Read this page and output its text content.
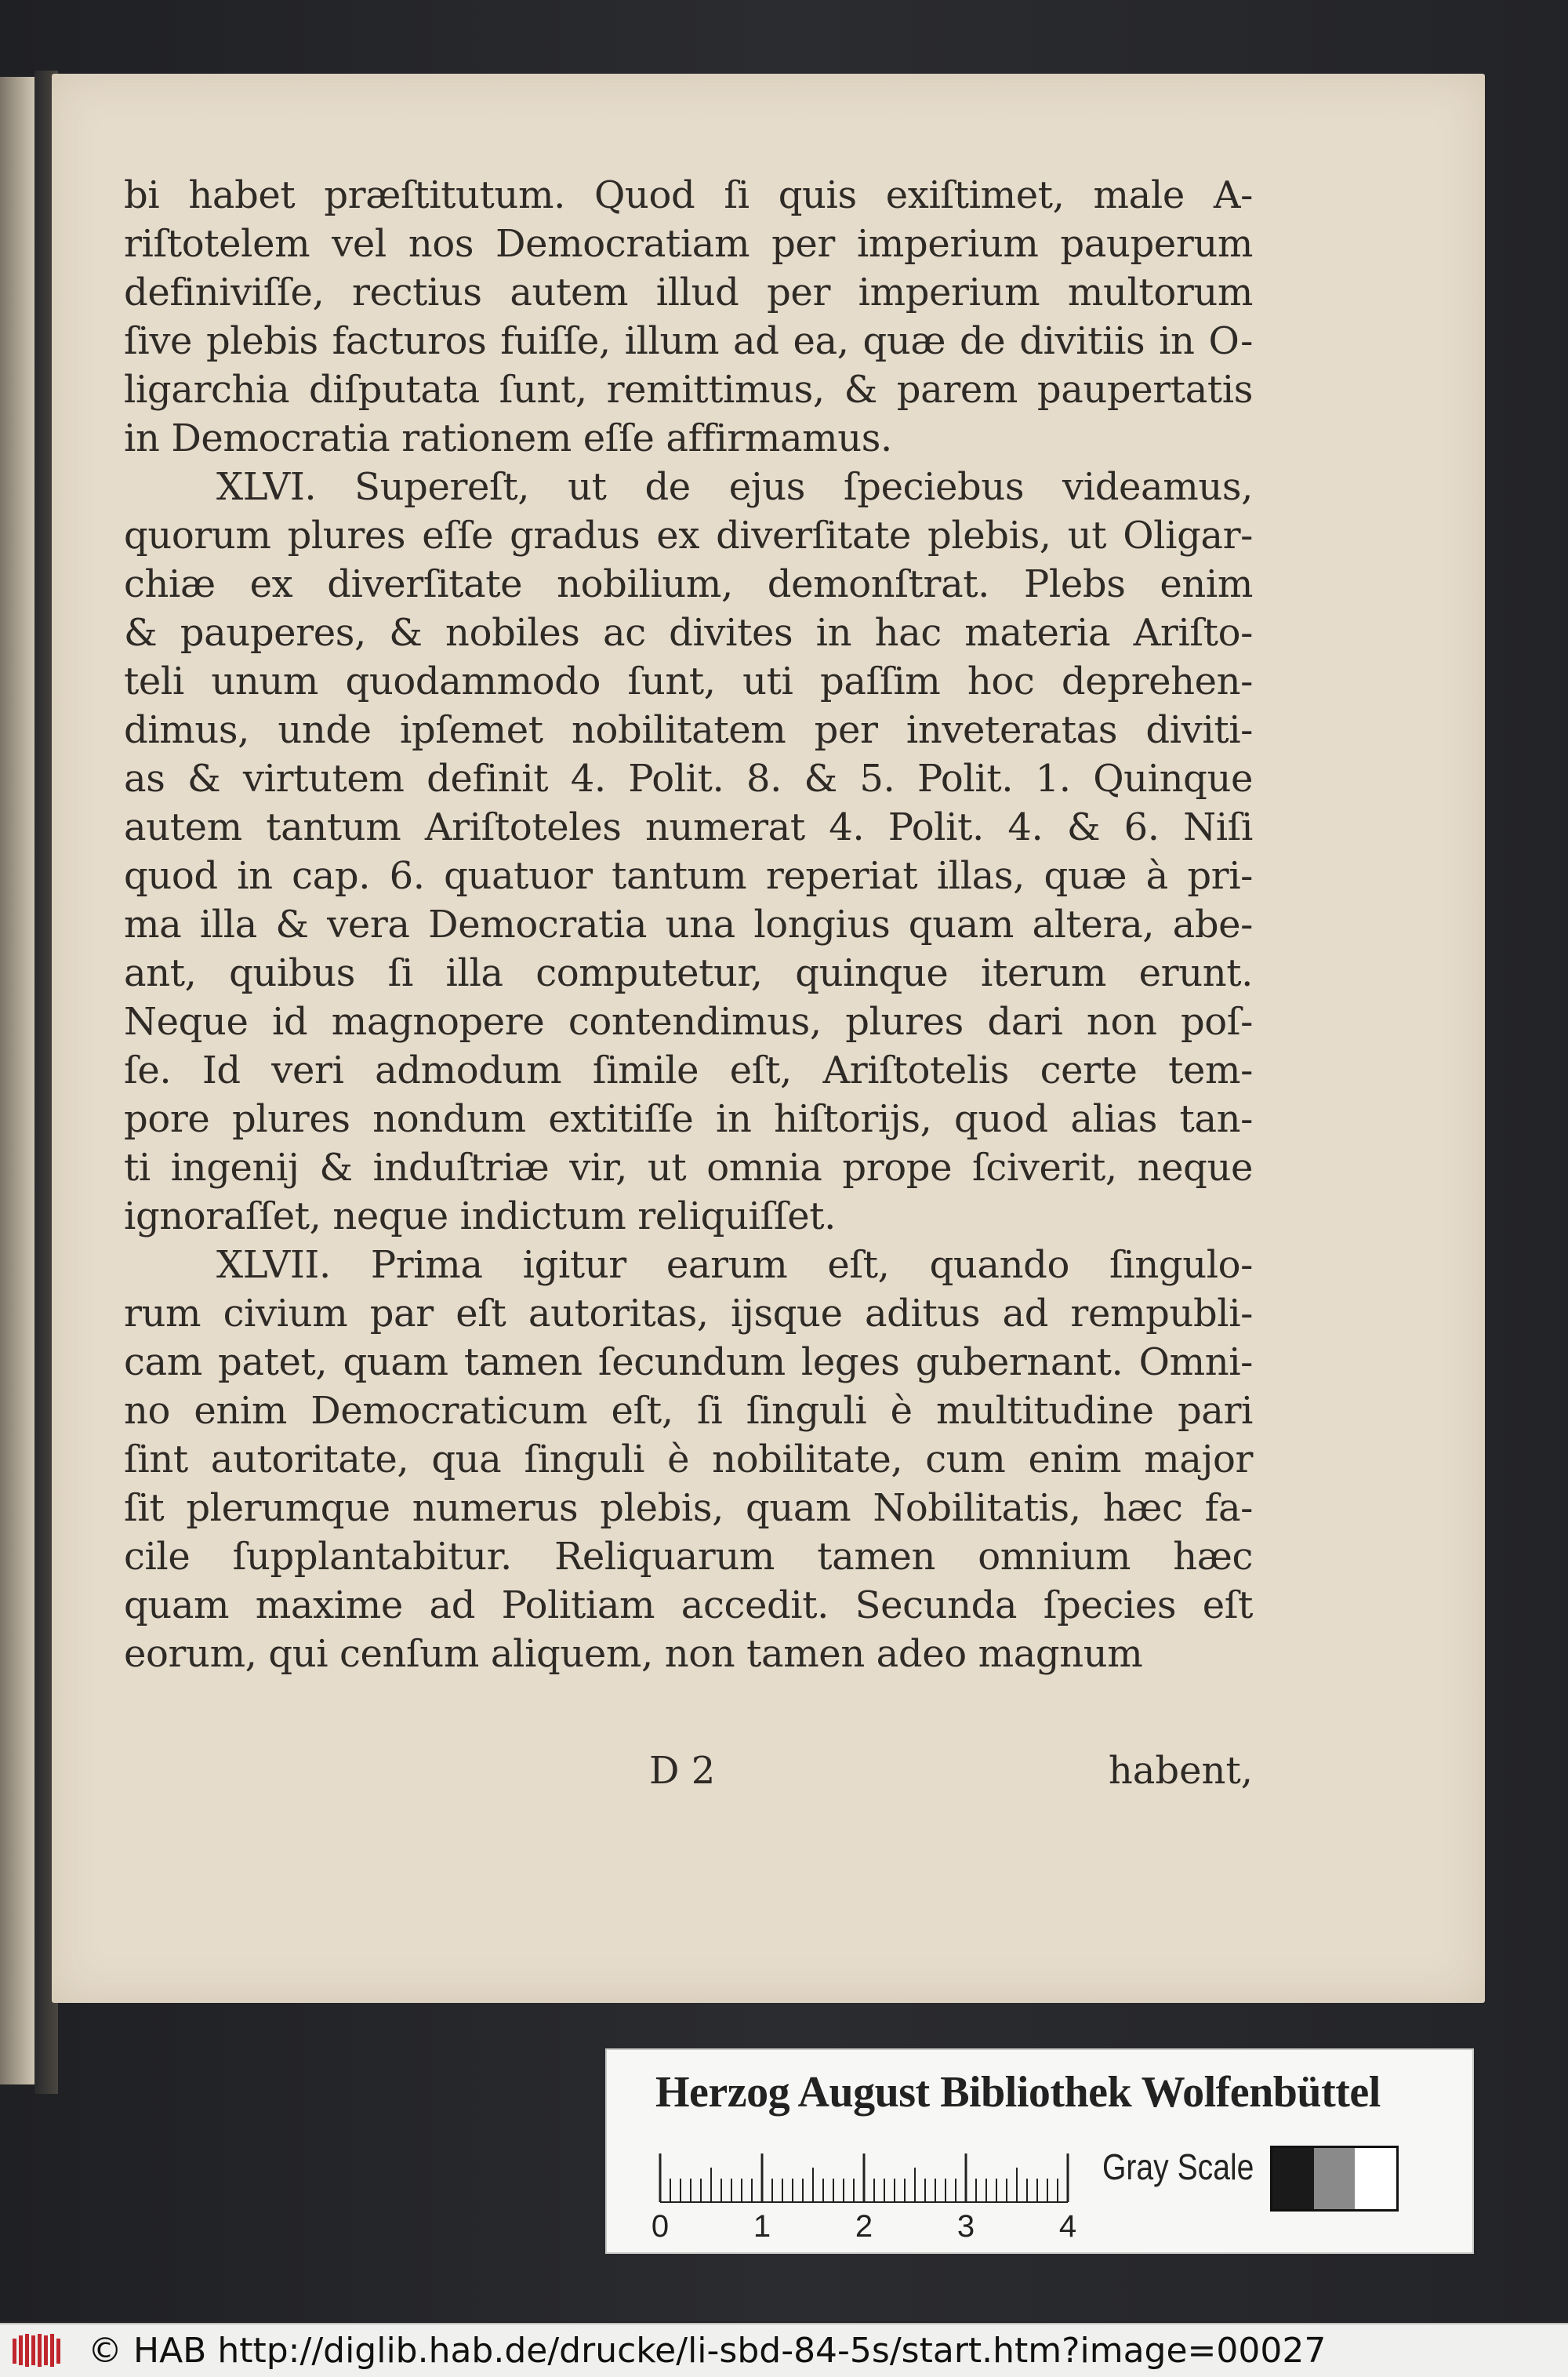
bi habet præſtitutum. Quod ſi quis exiſtimet, male A-
riſtotelem vel nos Democratiam per imperium pauperum
definiviſſe, rectius autem illud per imperium multorum
ſive plebis facturos fuiſſe, illum ad ea, quæ de divitiis in O-
ligarchia diſputata ſunt, remittimus, & parem paupertatis
in Democratia rationem eſſe affirmamus.
XLVI. Supereſt, ut de ejus ſpeciebus videamus,
quorum plures eſſe gradus ex diverſitate plebis, ut Oligar-
chiæ ex diverſitate nobilium, demonſtrat. Plebs enim
& pauperes, & nobiles ac divites in hac materia Ariſto-
teli unum quodammodo ſunt, uti paſſim hoc deprehen-
dimus, unde ipſemet nobilitatem per inveteratas diviti-
as & virtutem definit 4. Polit. 8. & 5. Polit. 1. Quinque
autem tantum Ariſtoteles numerat 4. Polit. 4. & 6. Niſi
quod in cap. 6. quatuor tantum reperiat illas, quæ à pri-
ma illa & vera Democratia una longius quam altera, abe-
ant, quibus ſi illa computetur, quinque iterum erunt.
Neque id magnopere contendimus, plures dari non poſ-
ſe. Id veri admodum ſimile eſt, Ariſtotelis certe tem-
pore plures nondum extitiſſe in hiſtorijs, quod alias tan-
ti ingenij & induſtriæ vir, ut omnia prope ſciverit, neque
ignoraſſet, neque indictum reliquiſſet.
XLVII. Prima igitur earum eſt, quando ſingulo-
rum civium par eſt autoritas, ijsque aditus ad rempubli-
cam patet, quam tamen ſecundum leges gubernant. Omni-
no enim Democraticum eſt, ſi ſinguli è multitudine pari
ſint autoritate, qua ſinguli è nobilitate, cum enim major
ſit plerumque numerus plebis, quam Nobilitatis, hæc fa-
cile ſupplantabitur. Reliquarum tamen omnium hæc
quam maxime ad Politiam accedit. Secunda ſpecies eſt
eorum, qui cenſum aliquem, non tamen adeo magnum
D 2	habent,
Herzog August Bibliothek Wolfenbüttel
0	1	2	3	4
Gray Scale
© HAB http://diglib.hab.de/drucke/li-sbd-84-5s/start.htm?image=00027
